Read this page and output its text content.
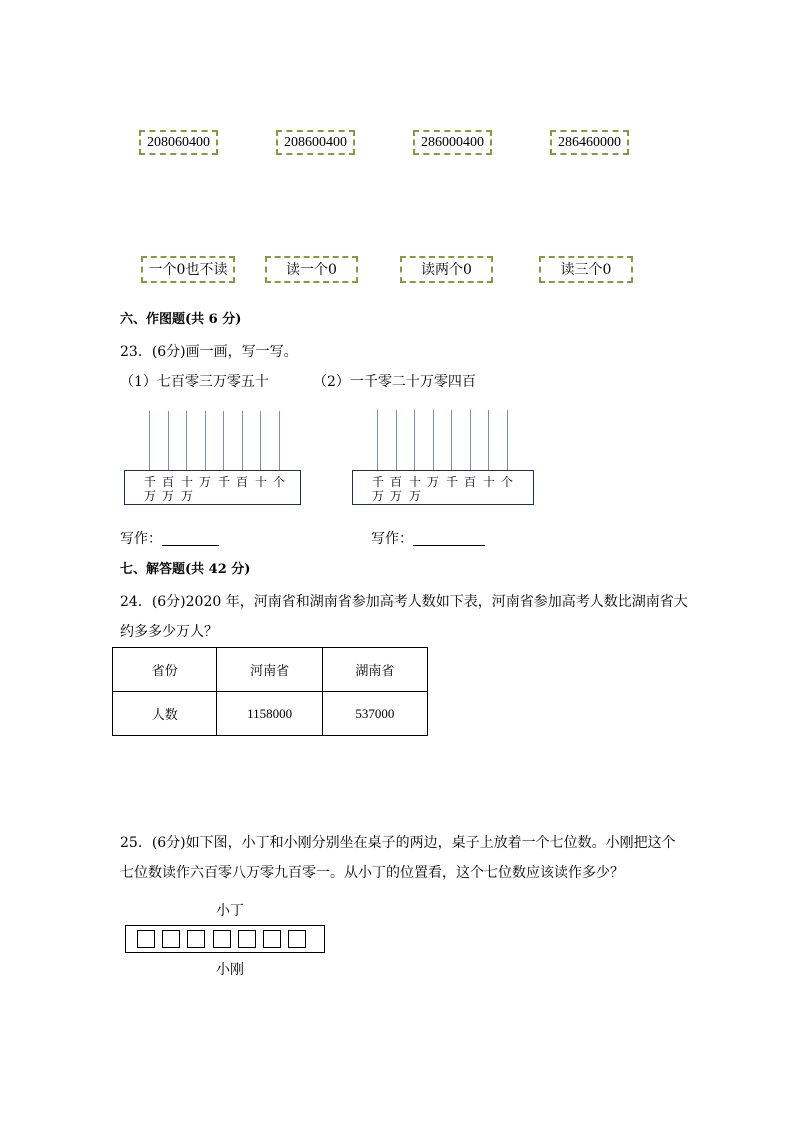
208060400	208600400	286000400	286460000
一个0也不读	读一个0	读两个0	读三个0
六、作图题(共 6 分)
23．(6分)画一画，写一写。
（1）七百零三万零五十	（2）一千零二十万零四百
千 百 十 万 千 百 十 个
万 万 万
千 百 十 万 千 百 十 个
万 万 万
写作：	写作：
七、解答题(共 42 分)
24．(6分)2020 年，河南省和湖南省参加高考人数如下表，河南省参加高考人数比湖南省大
约多多少万人？
省份	河南省	湖南省
人数	1158000	537000
25．(6分)如下图，小丁和小刚分别坐在桌子的两边，桌子上放着一个七位数。小刚把这个
七位数读作六百零八万零九百零一。从小丁的位置看，这个七位数应该读作多少？
小丁
小刚
